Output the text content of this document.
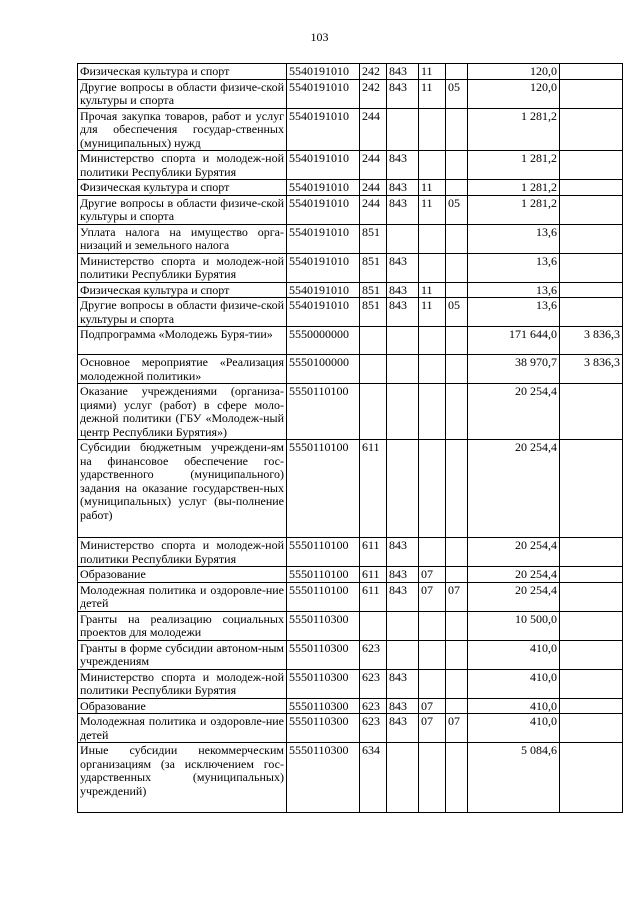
103
Физическая культура и спорт	5540191010	242	843	11		120,0	
Другие вопросы в области физиче-ской культуры и спорта	5540191010	242	843	11	05	120,0	
Прочая закупка товаров, работ и услуг для обеспечения государ-ственных (муниципальных) нужд	5540191010	244				1 281,2	
Министерство спорта и молодеж-ной политики Республики Бурятия	5540191010	244	843			1 281,2	
Физическая культура и спорт	5540191010	244	843	11		1 281,2	
Другие вопросы в области физиче-ской культуры и спорта	5540191010	244	843	11	05	1 281,2	
Уплата налога на имущество орга-низаций и земельного налога	5540191010	851				13,6	
Министерство спорта и молодеж-ной политики Республики Бурятия	5540191010	851	843			13,6	
Физическая культура и спорт	5540191010	851	843	11		13,6	
Другие вопросы в области физиче-ской культуры и спорта	5540191010	851	843	11	05	13,6	
Подпрограмма «Молодежь Буря-тии»	5550000000					171 644,0	3 836,3
Основное мероприятие «Реализация молодежной политики»	5550100000					38 970,7	3 836,3
Оказание учреждениями (организа-циями) услуг (работ) в сфере моло-дежной политики (ГБУ «Молодеж-ный центр Республики Бурятия»)	5550110100					20 254,4	
Субсидии бюджетным учреждени-ям на финансовое обеспечение гос-ударственного (муниципального) задания на оказание государствен-ных (муниципальных) услуг (вы-полнение работ)	5550110100	611				20 254,4	
Министерство спорта и молодеж-ной политики Республики Бурятия	5550110100	611	843			20 254,4	
Образование	5550110100	611	843	07		20 254,4	
Молодежная политика и оздоровле-ние детей	5550110100	611	843	07	07	20 254,4	
Гранты на реализацию социальных проектов для молодежи	5550110300					10 500,0	
Гранты в форме субсидии автоном-ным учреждениям	5550110300	623				410,0	
Министерство спорта и молодеж-ной политики Республики Бурятия	5550110300	623	843			410,0	
Образование	5550110300	623	843	07		410,0	
Молодежная политика и оздоровле-ние детей	5550110300	623	843	07	07	410,0	
Иные субсидии некоммерческим организациям (за исключением гос-ударственных (муниципальных) учреждений)	5550110300	634				5 084,6	
